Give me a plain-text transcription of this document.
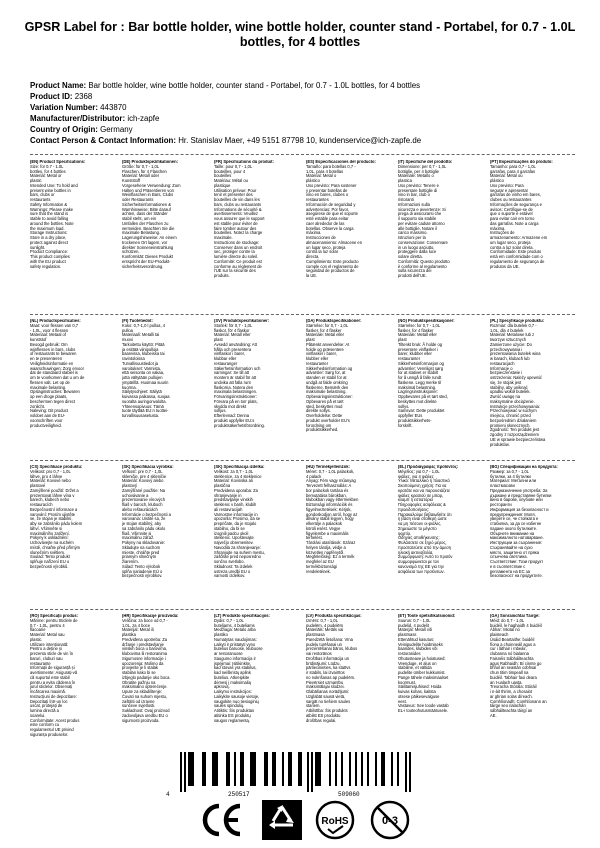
GPSR Label for : Bar bottle holder, wine bottle holder, counter stand - Portabel, for 0.7 - 1.0L bottles, for 4 bottles
Product Name: Bar bottle holder, wine bottle holder, counter stand - Portabel, for 0.7 - 1.0L bottles, for 4 bottles
Product ID: 2368
Variation Number: 443870
Manufacturer/Distributor: ich-zapfe
Country of Origin: Germany
Contact Person & Contact Information: Hr. Stanislav Maer, +49 5151 87798 10, kundenservice@ich-zapfe.de
(EN) Product Specifications:
Size: for 0.7 - 1.0L
bottles, for 4 bottles
Material: Metal or
plastic
Intended Use: To hold and
present wine bottles in
bars, clubs or
restaurants
Safety Information &
Warnings: Please make
sure that the stand is
stable to avoid falling
around the bottles. Note
the maximum load.
Storage Instructions:
Store in a dry place,
protect against direct
sunlight.
Product Compliance:
This product complies
with the EU product
safety regulation.
(DE) Produktspezifikationen:
Größe: für 0,7 - 1,0L
Flaschen, für 4 Flaschen
Material: Metall oder
Kunststoff
Vorgesehene Verwendung: Zum
Halten und Präsentieren von
Weinflaschen in Bars, Clubs
oder Restaurants
Sicherheitsinformationen &
Warnhinweise: Bitte darauf
achten, dass der Ständer
stabil steht, um ein
Umfallen der Flaschen zu
vermeiden. Beachten Sie die
maximale Belastung.
Lagerungshinweise: An einem
trockenen Ort lagern, vor
direkter Sonneneinstrahlung
schützen.
Konformität: Dieses Produkt
entspricht der EU-Produkt-
sicherheitsverordnung.
(FR) Spécifications du produit:
Taille: pour 0,7 - 1,0L
bouteilles, pour 4
bouteilles
Matériau: Métal ou
plastique
Utilisation prévue: Pour
tenir et présenter des
bouteilles de vin dans les
bars, clubs ou restaurants
Informations de sécurité &
avertissements: Veuillez
vous assurer que le support
est stable pour éviter de
faire tomber autour des
bouteilles. Notez la charge
maximale.
Instructions de stockage:
Conserver dans un endroit
sec, protéger contre la
lumière directe du soleil.
Conformité: Ce produit est
conforme au règlement de
l'UE sur la sécurité des
produits.
(ES) Especificaciones del producto:
Tamaño: para botellas 0,7 -
1,0L, para 4 botellas
Material: Metal o
plástico
Uso previsto: Para sostener
y presentar botellas de
vino en bares, clubes o
restaurantes
Información de seguridad y
advertencias: Por favor,
asegúrese de que el soporte
esté estable para evitar
caer alrededor de las
botellas. Observe la carga
máxima.
Instrucciones de
almacenamiento: Almacene en
un lugar seco, proteja
contra la luz solar
directa.
Cumplimiento: Este producto
cumple con el reglamento de
seguridad de productos de
la UE.
(IT) Specifiche del prodotto:
Dimensione: per 0,7 - 1,0L
bottiglie, per 4 bottiglie
Materiale: Metallo o
plastica
Uso previsto: Tenere e
presentare bottiglie di
vino in bar, club o
ristoranti
Informazioni sulla
sicurezza e avvertenze: Si
prega di assicurarsi che
il supporto sia stabile
per evitare cadute attorno
alle bottiglie. Notare il
carico massimo.
Istruzioni per la
conservazione: Conservare
in un luogo asciutto,
proteggere dalla luce
solare diretta.
Conformità: Questo prodotto
è conforme al regolamento
sulla sicurezza dei
prodotti dell'UE.
(PT) Especificações do produto:
Tamanho: para 0,7 - 1,0L
garrafas, para 4 garrafas
Material: Metal ou
plástico
Uso previsto: Para
segurar e apresentar
garrafas de vinho em bares,
clubes ou restaurantes
Informações de segurança e
avisos: Certifique-se de
que o suporte é estável
para evitar cair em torno
das garrafas. Note a carga
máxima.
Instruções de
armazenamento: Armazene em
um lugar seco, proteja
contra a luz solar direta.
Conformidade: Este produto
está em conformidade com o
regulamento de segurança de
produtos da UE.
(NL) Productspecificaties:
Maat: voor flessen van 0,7
- 1,0L, voor 4 flessen
Materiaal: Metaal of
kunststof
Beoogd gebruik: Om
wijnflessen in bars, clubs
of restaurants te bewaren
en te presenteren
Veiligheidsinformatie en
waarschuwingen: Zorg ervoor
dat de standaard stabiel is
om te voorkomen dat u om de
flessen valt. Let op de
maximale belasting.
Opslaginstructies: Bewaren
op een droge plaats,
beschermen tegen direct
zonlicht.
Naleving: Dit product
voldoet aan de EU-
voorschriften voor
productveiligheid.
(FI) Tuotetiedot:
Koko: 0,7-1,0 l pulloa, 4
pulloa
Materiaali: Metalli tai
muovi
Tarkoitettu käyttö: Pitää
ja esittää viinipulloja
baareissa, klubeissa tai
ravintoloissa
Turvallisuustiedot ja
varoitukset: Varmista,
että seisonta on vakaa,
jotta vältytään pullojen
ympärillä. Huomaa suurin
kuorma.
Säilytysohjeet: Säilytä
kuivassa paikassa, suojaa
suoralta auringonvalolta.
Yhteensopivuus: Tämä
tuote täyttää EU:n tuottei-
turvallisuusasetusta.
(SV) Produktspecifikationer:
Storlek: för 0,7 - 1,0L
flaskor, för 4 flaskor
Material: Metall eller
plast
Avsedd användning: Att
hålla och presentera
vinflaskor i barer,
klubbar eller
restauranger
Säkerhetsinformation och
varningar: Se till att
montern är stabil för att
undvika att falla runt
flaskorna. Notera den
maximala belastningen.
Förvaringsinstruktioner:
Förvara på en torr plats,
skydda mot direkt
solljus.
Efterlevnad: Denna
produkt uppfyller EU:s
produktsäkerhetsförordning.
(DA) Produktspecifikationer:
Størrelse: for 0,7 - 1,0L
flasker, for 4 flasker
Materiale: Metal eller
plast
Påtænkt anvendelse: At
holde og præsentere
vinflasker i barer,
klubber eller
restauranter
Sikkerhedsinformation og
advarsler: Sørg for, at
standen er stabil for at
undgå at falde omkring
flaskerne. Bemærk den
maksimale belastning.
Opbevaringsinstruktioner:
Opbevares på et tørt
sted, beskyttes mod
direkte sollys.
Overholdelse: Dette
produkt overholder EU's
forordning om
produktsikkerhed.
(NO) Produktspesifikasjoner:
Størrelse: for 0,7 - 1,0L
flasker, for 4 flasker
Materiale: Metall eller
plast
Tiltenkt bruk: Å holde og
presentere vinflasker i
barer, klubber eller
restauranter
Sikkerhetsinformasjon og
advarsler: Vennligst sørg
for at stativet er stabilt
for å unngå å falle rundt
flaskene. Legg merke til
maksimal belastning.
Lagringsinstruksjoner:
Oppbevares på et tørt sted,
beskyttes mot direkte
sollys.
Samsvar: Dette produktet
oppfyller EUs
produktsikkerhets-
forskrift.
(PL) Specyfikacje produktu:
Rozmiar: dla butelek 0,7 -
1,0L, dla 4 butelek
Materiał: Metalowe lub z
tworzyw sztucznych
Zamierzone użycie: Do
przechowywania i
prezentowania butelek wina
w barach, klubach lub
restauracjach
Informacje o
bezpieczeństwie i
ostrzeżenia: Należy upewnić
się, że stojak jest
stabilny, aby uniknąć
upadku wokół butelek.
Zwróć uwagę na
maksymalne obciążenie.
Instrukcje przechowywania:
Przechowywać w suchym
miejscu, chronić przed
bezpośrednim działaniem
promieni słonecznych.
Zgodność: Ten produkt jest
zgodny z rozporządzeniem
UE w sprawie bezpieczeństwa
produktów.
(CS) Specifikace produktu:
Velikost: pro 0,7 - 1,0L
láhve, pro 4 láhve
Materiál: Kovové nebo
plastové
Zamýšlené použití: Držet a
prezentovat láhve vína v
barech, klubech nebo
restauracích
Bezpečnostní informace a
varování: Prosím ujistěte
se, že stojan je stabilní,
aby se zabránilo pádu kolem
láhví. Všimněte si
maximálního zatížení.
Pokyny k uskladnění:
Uchovávejte na suchém
místě, chraňte před přímým
slunečním světlem.
Soulad: Tento produkt
splňuje nařízení EU o
bezpečnosti výrobků.
(SK) Špecifikácia výrobku:
Veľkosť: pre 0,7 - 1,0L
skleničie, pre 4 skleničie
Materiál: Kovový alebo
plastový
Zamýšľané použitie: Na
uchovávanie a
prezentovanie vínových
fliaš v baroch, kluboch
alebo reštauráciách
Informácie o bezpečnosti a
varovania: Uistite sa, že
je stojan stabilný, aby
sa zabránilo pádu okolo
fliaš. Všimnite si
maximálnu záťaž.
Pokyny na skladovanie:
Skladujte na suchom
mieste, chráňte pred
priamym slnečným
žiarením.
Súlad: Tento výrobok
spĺňa nariadenie EÚ o
bezpečnosti výrobkov.
(SK) Specifikacija izdelka:
Velikost: za 0,7 - 1,0L
steklenice, za 4 steklenice
Material: Kovinska ali
plastična
Predvidena uporaba: Za
shranjevanje in
predstavljanje vinskih
steklenic v barih, klubih
ali restavracijah
Varnostne informacije in
opozorila: Prosimo, da se
prepričate, da je stojalo
stabilno, da bi se
izognili padcu okoli
steklenic. Upoštevajte
največjo obremenitev.
Navodila za shranjevanje:
Shranjujte na suhem mestu,
zaščitite pred neposredno
sončno svetlobo.
Skladnost: Ta izdelek
ustreza uredbi EU o
varnosti izdelkov.
(HU) Termékjellemzők:
Méret: 0,7 - 1,0L palackok,
4 palack
Anyag: Fém vagy műanyag
Tervezett felhasználás: A
bor palackok tartása és
bemutatása bárokban,
klubokban vagy éttermekben
Biztonsági információk és
figyelmeztetések: Kérjük,
gondoskodjon arról, hogy az
állvány stabil legyen, hogy
elkerülje a palackok
körüli esést. Vegye
figyelembe a maximális
terhelést.
Tárolási utasítások: Száraz
helyen tárolja, védje a
közvetlen napfénytől.
Megfelelőség: Ez a termék
megfelel az EU
termékbiztonsági
rendeletének.
(EL) Προδιαγραφές προϊόντος:
Μέγεθος: για 0,7 - 1,0L
φιάλες, για 4 φιάλες
Υλικό: Μεταλλικό ή πλαστικό
Σκοπούμενη χρήση: Για να
κρατάτε και να παρουσιάζετε
φιάλες κρασιού σε μπαρ,
κλαμπ ή εστιατόρια
Πληροφορίες ασφάλειας &
προειδοποιήσεις:
Παρακαλούμε βεβαιωθείτε ότι
η βάση είναι σταθερή ώστε
να μη πέσουν οι φιάλες.
Σημειώστε το μέγιστο
φορτίο.
Οδηγίες αποθήκευσης:
Φυλάσσετε σε ξηρό μέρος,
προστατεύετε από την άμεση
ηλιακή ακτινοβολία.
Συμμόρφωση: Αυτό το προϊόν
συμμορφώνεται με τον
κανονισμό της ΕΕ για την
ασφάλεια των προϊόντων.
(BG) Спецификации на продукта:
Размер: за 0,7 - 1,0L
бутилки, за 4 бутилки
Материал: Метални или
пластмасови
Предназначение употреба: За
държане и представяне бутилки
вино в барове, клубове или
ресторанти
Информация за безопасност и
предупреждения: Моля,
уверете се, че стойката е
стабилна, за да се избегне
падане около бутилките.
Обърнете внимание на
максималното натоварване.
Инструкции за съхранение:
Съхранявайте на сухо
място, защитено от пряка
слънчева светлина.
Съответствие: Този продукт
е в съответствие с
регламента на ЕС за
безопасност на продуктите.
(RO) Specificații produs:
Mărime: pentru Sticlele de
0,7 - 1,0L, pentru 4
flacoane
Material: Metal sau
plastic
Utilizare intenționată:
Pentru a deține și
prezenta sticle de vin în
baruri, cluburi sau
restaurante
Informații de siguranță și
avertismente: Asigurați-vă
că suportul este stabil
pentru a evita căderea în
jurul sticlelor. Observați
încărcarea maximă.
Instrucțiuni de depozitare:
Depozitați într-un loc
uscat, protejați de
lumina directă a
soarelui.
Conformitate: Acest produs
este conform cu
regulamentul UE privind
siguranța produselor.
(HR) Specifikacije proizvoda:
Veličina: za boce od 0,7 -
1,0L, za 4 boce
Materijal: Metal ili
plastika
Predviđena upotreba: Za
držanje i predstavljanje
vinskih boca u barovima,
klubovima ili restoranima
Sigurnosne informacije i
upozorenja: Molimo da
provjerite je li stalak
stabilan kako bi se
izbjeglo padanje oko boca.
Obratite pažnju na
maksimalno opterećenje.
Upute za skladištenje:
Čuvati na suhom mjestu,
zaštititi od izravne
sunčeve svjetlosti.
Sukladnost: Ovaj proizvod
zadovoljava uredbu EU o
sigurnosti proizvoda.
(LT) Produkto specifikacijos:
Dydis: 0,7 - 1,0L
buteliams, 4 buteliams
Medžiaga: Metalo arba
plastiko
Numatytas naudojimas:
Laikyti ir pristatyti vyno
butelius baruose, klubuose
ar restoranuose
Saugumo informacija ir
įspėjimai: Įsitikinkite,
kad stovas yra stabilus,
kad neiškristų aplink
butelius. Atkreipkite
dėmesį į maksimalią
apkrovą.
Laikymo instrukcijos:
Laikykite sausoje vietoje,
saugokite nuo tiesioginių
saulės spindulių.
Atitiktis: Šis produktas
atitinka ES produktų
saugos reglamentą.
(LV) Produkta specifikācijas:
Izmērs: 0,7 - 1,0L
pudelēm, 4 pudelēm
Materiāls: Metāls vai
plastmasa
Paredzētā lietošana: Vīna
pudeļu turēšanai un
prezentēšanai bāros, klubos
vai restorānos
Drošības informācija un
brīdinājumi: Lūdzu,
pārliecinieties, ka statīvs
ir stabils, lai izvairītos
no nokrišanas ap pudelēm.
Pievērsiet uzmanību
maksimālajai slodzei.
Glabāšanas norādījumi:
Uzglabāt sausā vietā,
sargāt no tiešiem saules
stariem.
Atbilstība: Šis produkts
atbilst ES produktu
drošības regulai.
(ET) Toote spetsifikatsioonid:
Suurus: 0,7 - 1,0L
pudelid, 4 pudelit
Materjal: Metall või
plastmass
Ettenähtud kasutus:
Veinipudelite hoidmiseks
baarides, klubides või
restoranides
Ohutusteave ja hoiatused:
Veenduge, et alus on
stabiilne, et vältida
pudelite ümber kukkumist.
Pange tähele maksimaalset
koormust.
Säilitamisjuhised: Hoida
kuivas kohas, kaitsta
otsese päikesevalguse
eest.
Vastavus: See toode vastab
EL-i tooteohutusmäärusele.
(GA) Sonraíochtaí Táirge:
Méid: do 0,7 - 1,0L
buidéil, le haghaidh 4 buidéil
Ábhar: Miotal nó
plaisteach
Úsáid Beartaithe: buidéil
fíona a choinneáil agus a
cur i láthair i mbeáir,
clubanna nó bialanna
Faisnéis Sábháilteachta
agus Rabhaidh: Bí cinnte go
bhfuil an seastán cobhsaí
chun titim timpeall na
buidéil. Tabhair faoi deara
an t-ualach uasta.
Treoracha Stórála: Stóráil
i n-áit thirim, a chosaint
ar ghrian solas díreach.
Comhlíonadh: Comhlíonann an
táirge seo rialachán
sábháilteachta táirgí an
AE.
4	250517	509060
RoHS	0-3
